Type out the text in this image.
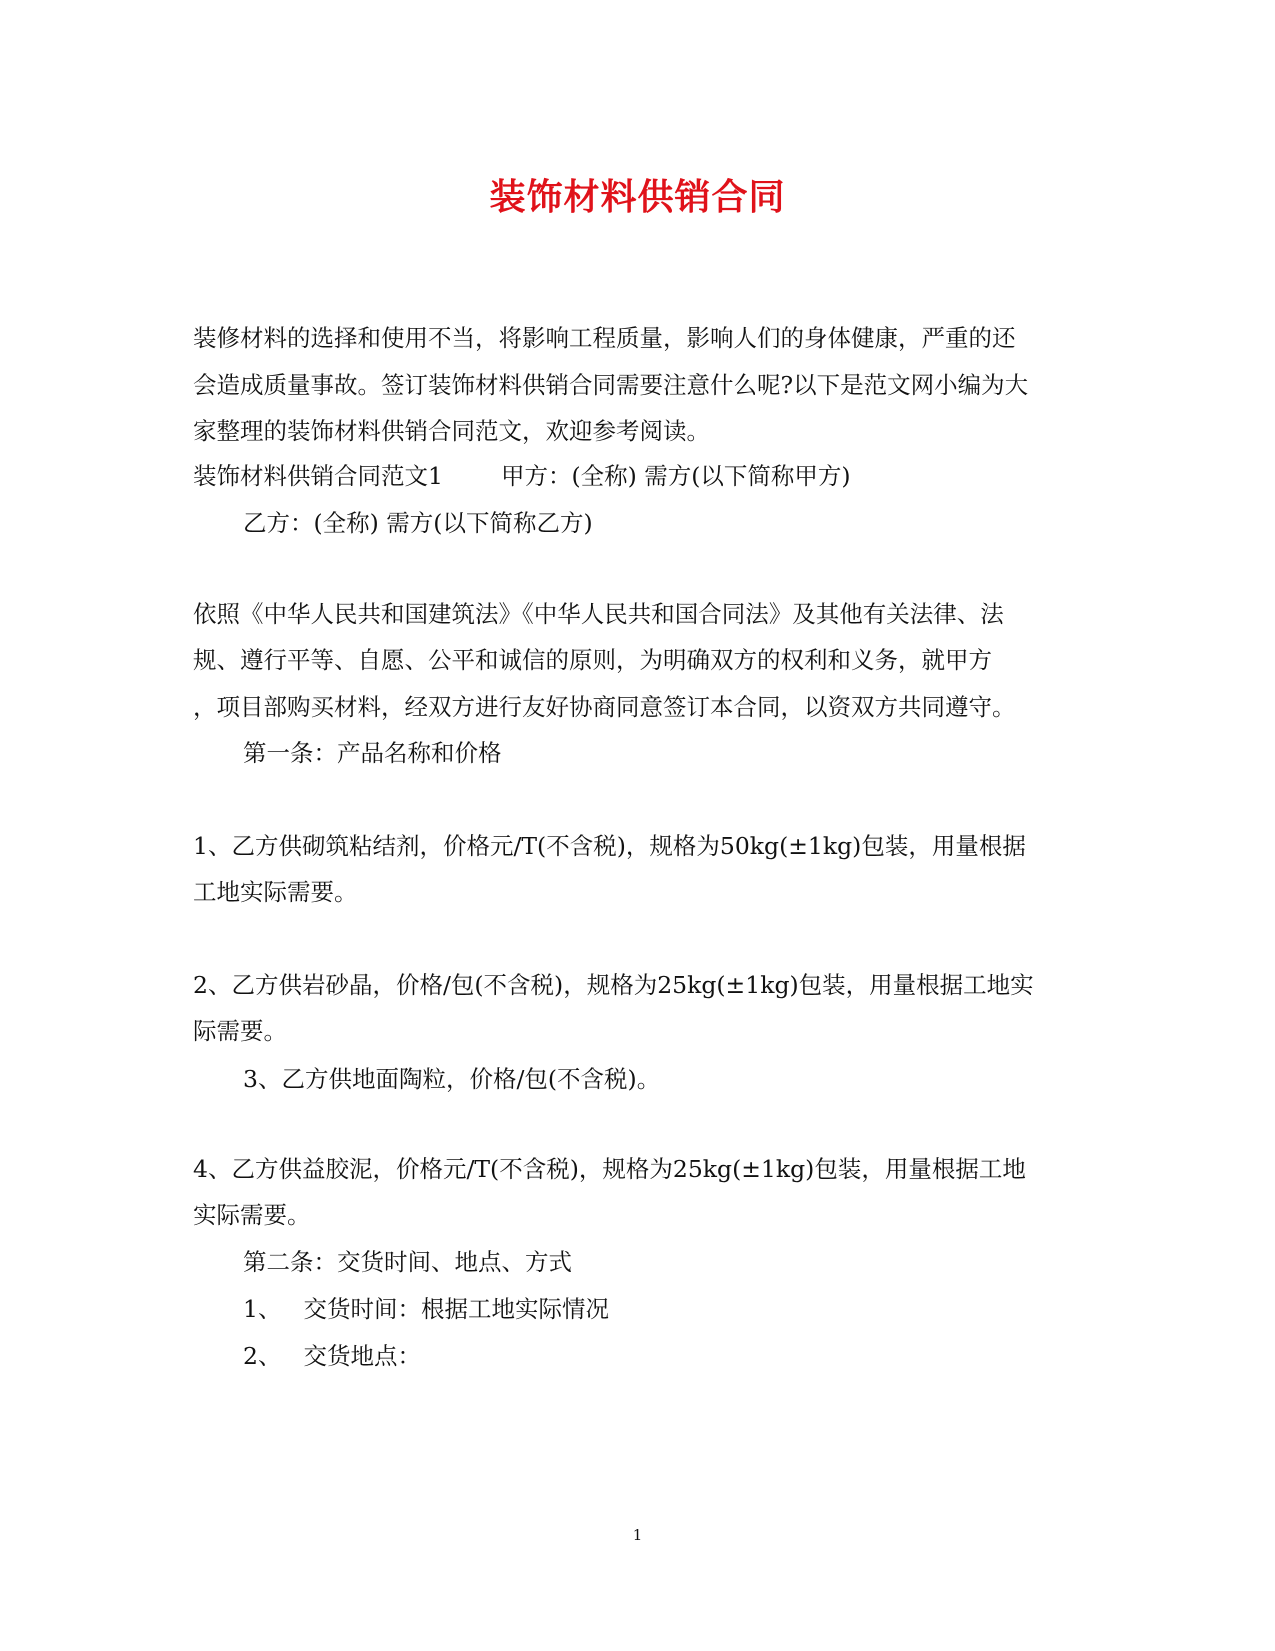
装饰材料供销合同
装修材料的选择和使用不当，将影响工程质量，影响人们的身体健康，严重的还
会造成质量事故。签订装饰材料供销合同需要注意什么呢?以下是范文网小编为大
家整理的装饰材料供销合同范文，欢迎参考阅读。
装饰材料供销合同范文1 甲方：(全称) 需方(以下简称甲方)
乙方：(全称) 需方(以下简称乙方)
依照《中华人民共和国建筑法》《中华人民共和国合同法》及其他有关法律、法
规、遵行平等、自愿、公平和诚信的原则，为明确双方的权利和义务，就甲方
，项目部购买材料，经双方进行友好协商同意签订本合同，以资双方共同遵守。
第一条：产品名称和价格
1、乙方供砌筑粘结剂，价格元/T(不含税)，规格为50kg(±1kg)包装，用量根据
工地实际需要。
2、乙方供岩砂晶，价格/包(不含税)，规格为25kg(±1kg)包装，用量根据工地实
际需要。
3、乙方供地面陶粒，价格/包(不含税)。
4、乙方供益胶泥，价格元/T(不含税)，规格为25kg(±1kg)包装，用量根据工地
实际需要。
第二条：交货时间、地点、方式
1、 交货时间：根据工地实际情况
2、 交货地点：
1
